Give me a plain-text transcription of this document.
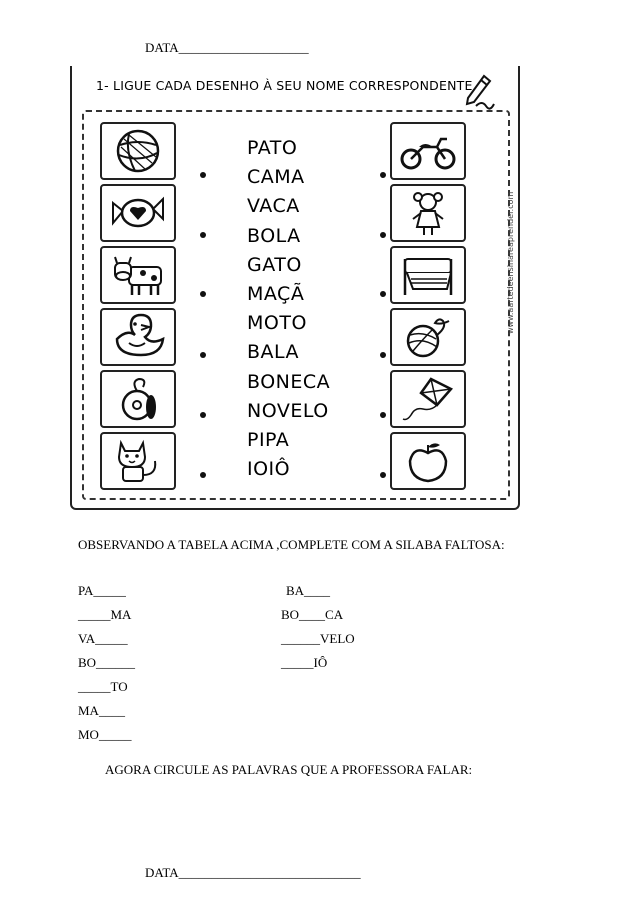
DATA____________________
1- LIGUE CADA DESENHO À SEU NOME CORRESPONDENTE.
www.aartedeensinareaprender.com
PATO
CAMA
VACA
BOLA
GATO
MAÇÃ
MOTO
BALA
BONECA
NOVELO
PIPA
IOIÔ
OBSERVANDO A TABELA ACIMA ,COMPLETE COM A SILABA FALTOSA:
PA_____
_____MA
VA_____
BO______
_____TO
MA____
MO_____
BA____
BO____CA
______VELO
_____IÔ
AGORA CIRCULE AS PALAVRAS QUE A PROFESSORA FALAR:
DATA____________________________
